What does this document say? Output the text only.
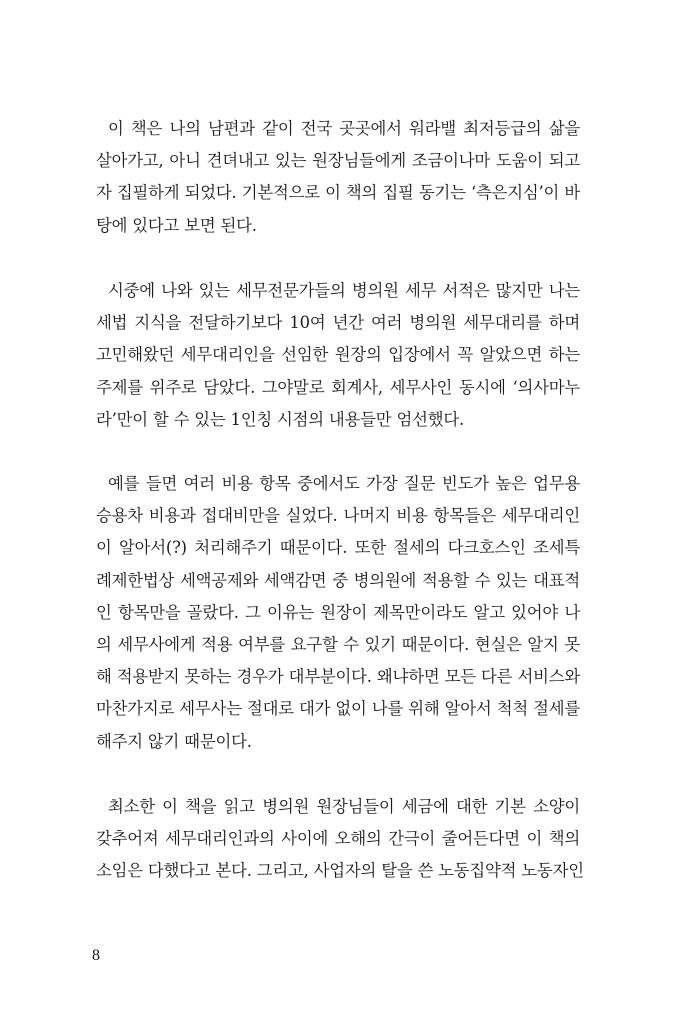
이 책은 나의 남편과 같이 전국 곳곳에서 워라밸 최저등급의 삶을
살아가고, 아니 견뎌내고 있는 원장님들에게 조금이나마 도움이 되고
자 집필하게 되었다. 기본적으로 이 책의 집필 동기는 ‘측은지심’이 바
탕에 있다고 보면 된다.
시중에 나와 있는 세무전문가들의 병의원 세무 서적은 많지만 나는
세법 지식을 전달하기보다 10여 년간 여러 병의원 세무대리를 하며
고민해왔던 세무대리인을 선임한 원장의 입장에서 꼭 알았으면 하는
주제를 위주로 담았다. 그야말로 회계사, 세무사인 동시에 ‘의사마누
라’만이 할 수 있는 1인칭 시점의 내용들만 엄선했다.
예를 들면 여러 비용 항목 중에서도 가장 질문 빈도가 높은 업무용
승용차 비용과 접대비만을 실었다. 나머지 비용 항목들은 세무대리인
이 알아서(?) 처리해주기 때문이다. 또한 절세의 다크호스인 조세특
례제한법상 세액공제와 세액감면 중 병의원에 적용할 수 있는 대표적
인 항목만을 골랐다. 그 이유는 원장이 제목만이라도 알고 있어야 나
의 세무사에게 적용 여부를 요구할 수 있기 때문이다. 현실은 알지 못
해 적용받지 못하는 경우가 대부분이다. 왜냐하면 모든 다른 서비스와
마찬가지로 세무사는 절대로 대가 없이 나를 위해 알아서 척척 절세를
해주지 않기 때문이다.
최소한 이 책을 읽고 병의원 원장님들이 세금에 대한 기본 소양이
갖추어져 세무대리인과의 사이에 오해의 간극이 줄어든다면 이 책의
소임은 다했다고 본다. 그리고, 사업자의 탈을 쓴 노동집약적 노동자인
8
